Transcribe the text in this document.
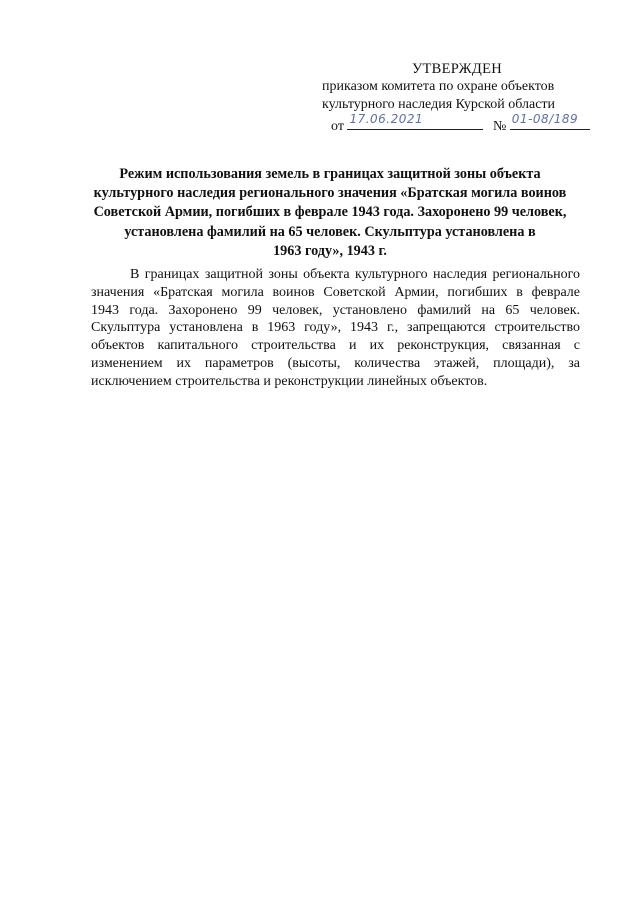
УТВЕРЖДЕН
приказом комитета по охране объектов
культурного наследия Курской области
от 17.06.2021	№ 01-08/189
Режим использования земель в границах защитной зоны объекта
культурного наследия регионального значения «Братская могила воинов
Советской Армии, погибших в феврале 1943 года. Захоронено 99 человек,
установлена фамилий на 65 человек. Скульптура установлена в
1963 году», 1943 г.
В границах защитной зоны объекта культурного наследия регионального
значения «Братская могила воинов Советской Армии, погибших в феврале
1943 года. Захоронено 99 человек, установлено фамилий на 65 человек.
Скульптура установлена в 1963 году», 1943 г., запрещаются строительство
объектов капитального строительства и их реконструкция, связанная с
изменением их параметров (высоты, количества этажей, площади), за
исключением строительства и реконструкции линейных объектов.
